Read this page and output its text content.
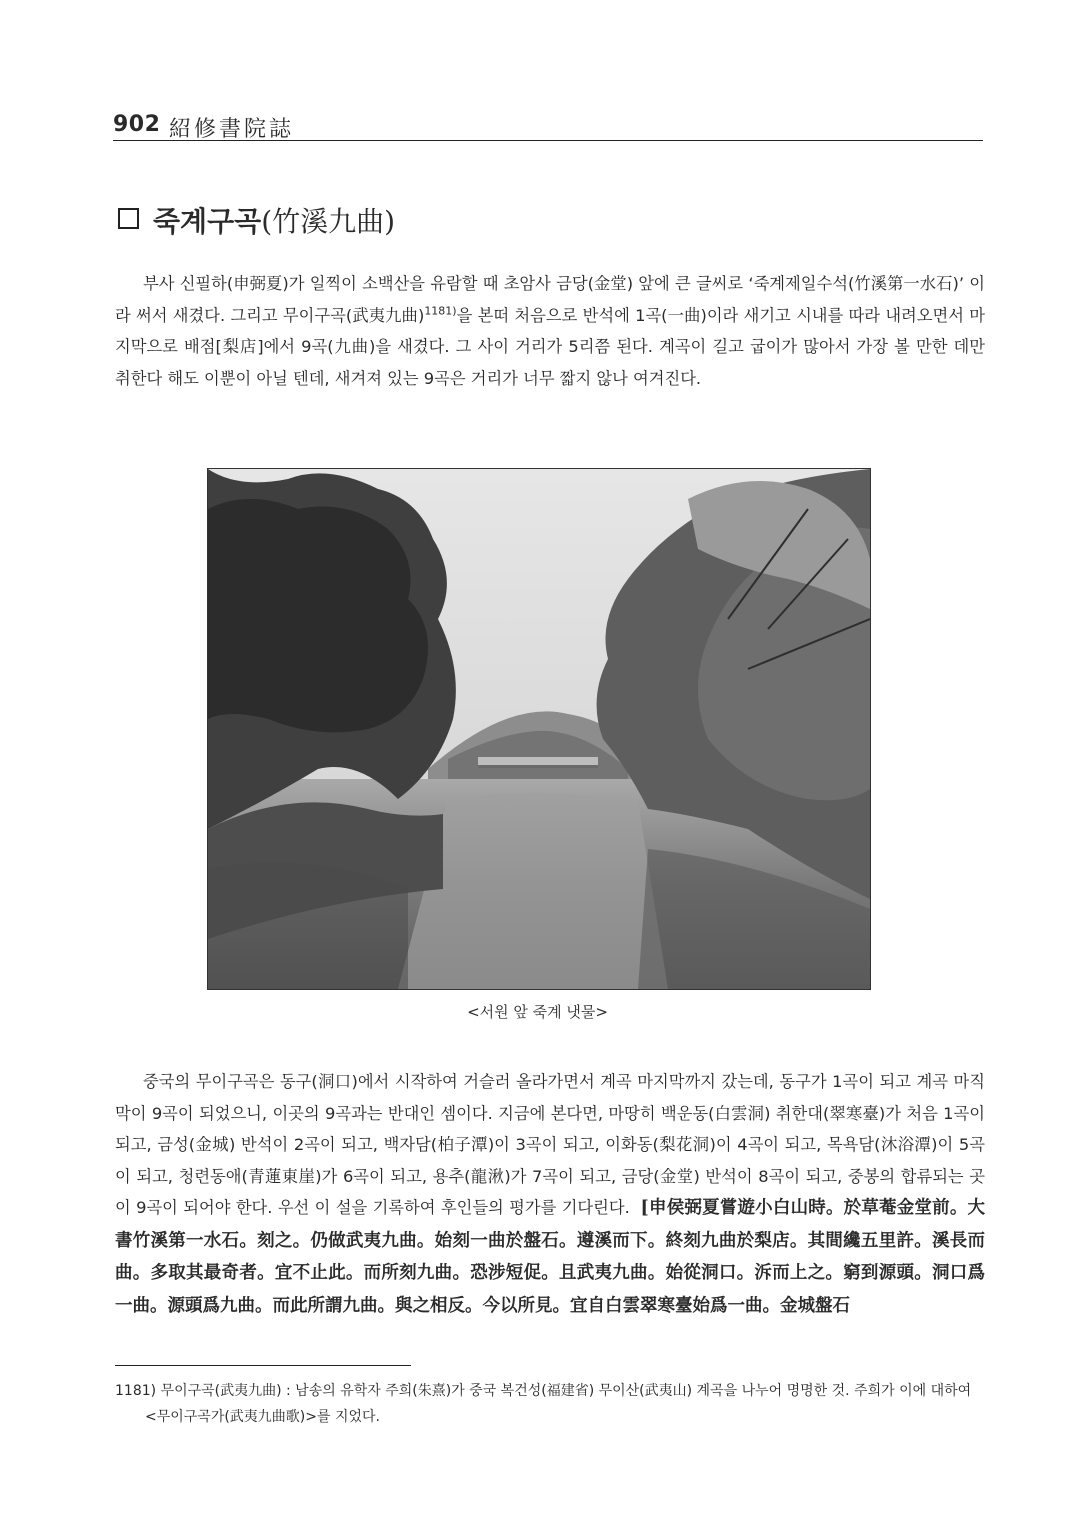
902 紹修書院誌
죽계구곡(竹溪九曲)

부사 신필하(申弼夏)가 일찍이 소백산을 유람할 때 초암사 금당(金堂) 앞에 큰 글씨로 ‘죽계제일수석(竹溪第一水石)’ 이라 써서 새겼다. 그리고 무이구곡(武夷九曲)$^{1181)}$을 본떠 처음으로 반석에 1곡(一曲)이라 새기고 시내를 따라 내려오면서 마지막으로 배점[梨店]에서 9곡(九曲)을 새겼다. 그 사이 거리가 5리쯤 된다. 계곡이 길고 굽이가 많아서 가장 볼 만한 데만 취한다 해도 이뿐이 아닐 텐데, 새겨져 있는 9곡은 거리가 너무 짧지 않나 여겨진다.

<서원 앞 죽계 냇물>

중국의 무이구곡은 동구(洞口)에서 시작하여 거슬러 올라가면서 계곡 마지막까지 갔는데, 동구가 1곡이 되고 계곡 마직막이 9곡이 되었으니, 이곳의 9곡과는 반대인 셈이다. 지금에 본다면, 마땅히 백운동(白雲洞) 취한대(翠寒臺)가 처음 1곡이 되고, 금성(金城) 반석이 2곡이 되고, 백자담(柏子潭)이 3곡이 되고, 이화동(梨花洞)이 4곡이 되고, 목욕담(沐浴潭)이 5곡이 되고, 청련동애(青蓮東崖)가 6곡이 되고, 용추(龍湫)가 7곡이 되고, 금당(金堂) 반석이 8곡이 되고, 중봉의 합류되는 곳이 9곡이 되어야 한다. 우선 이 설을 기록하여 후인들의 평가를 기다린다. [申侯弼夏嘗遊小白山時。於草菴金堂前。大書竹溪第一水石。刻之。仍做武夷九曲。始刻一曲於盤石。遵溪而下。終刻九曲於梨店。其間纔五里許。溪長而曲。多取其最奇者。宜不止此。而所刻九曲。恐涉短促。且武夷九曲。始從洞口。泝而上之。窮到源頭。洞口爲一曲。源頭爲九曲。而此所謂九曲。與之相反。今以所見。宜自白雲翠寒臺始爲一曲。金城盤石

1181) 무이구곡(武夷九曲) : 남송의 유학자 주희(朱熹)가 중국 복건성(福建省) 무이산(武夷山) 계곡을 나누어 명명한 것. 주희가 이에 대하여 <무이구곡가(武夷九曲歌)>를 지었다.
